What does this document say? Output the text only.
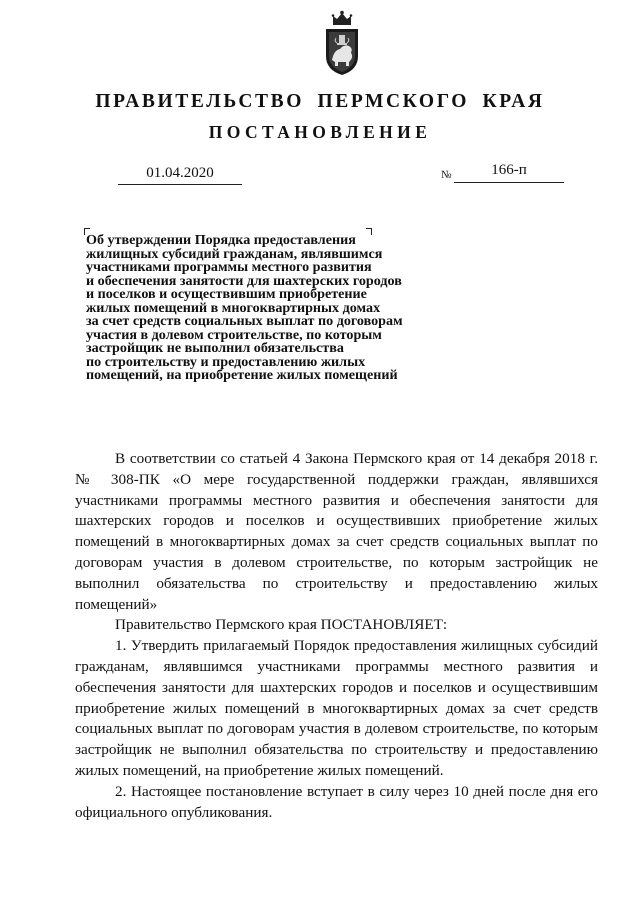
ПРАВИТЕЛЬСТВО ПЕРМСКОГО КРАЯ
ПОСТАНОВЛЕНИЕ
01.04.2020	№	166-п
Об утверждении Порядка предоставления
жилищных субсидий гражданам, являвшимся
участниками программы местного развития
и обеспечения занятости для шахтерских городов
и поселков и осуществившим приобретение
жилых помещений в многоквартирных домах
за счет средств социальных выплат по договорам
участия в долевом строительстве, по которым
застройщик не выполнил обязательства
по строительству и предоставлению жилых
помещений, на приобретение жилых помещений

В соответствии со статьей 4 Закона Пермского края от 14 декабря 2018 г. № 308-ПК «О мере государственной поддержки граждан, являвшихся участниками программы местного развития и обеспечения занятости для шахтерских городов и поселков и осуществивших приобретение жилых помещений в многоквартирных домах за счет средств социальных выплат по договорам участия в долевом строительстве, по которым застройщик не выполнил обязательства по строительству и предоставлению жилых помещений»

Правительство Пермского края ПОСТАНОВЛЯЕТ:

1. Утвердить прилагаемый Порядок предоставления жилищных субсидий гражданам, являвшимся участниками программы местного развития и обеспечения занятости для шахтерских городов и поселков и осуществившим приобретение жилых помещений в многоквартирных домах за счет средств социальных выплат по договорам участия в долевом строительстве, по которым застройщик не выполнил обязательства по строительству и предоставлению жилых помещений, на приобретение жилых помещений.

2. Настоящее постановление вступает в силу через 10 дней после дня его официального опубликования.
